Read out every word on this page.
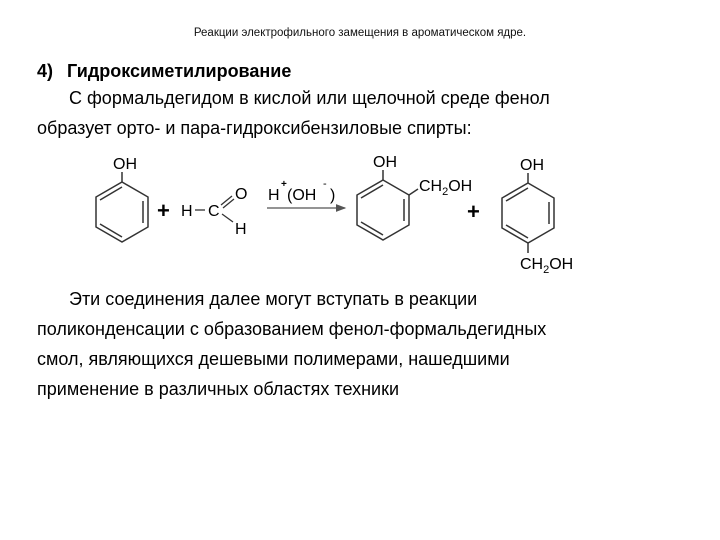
Реакции электрофильного замещения в ароматическом ядре.
4) Гидроксиметилирование
С формальдегидом в кислой или щелочной среде фенол
образует орто- и пара-гидроксибензиловые спирты:
OH
+ H C
O
H
H
+
(OH
-
)
OH
$CH_2OH$
+
OH
$CH_2OH$
Эти соединения далее могут вступать в реакции
поликонденсации с образованием фенол-формальдегидных
смол, являющихся дешевыми полимерами, нашедшими
применение в различных областях техники
